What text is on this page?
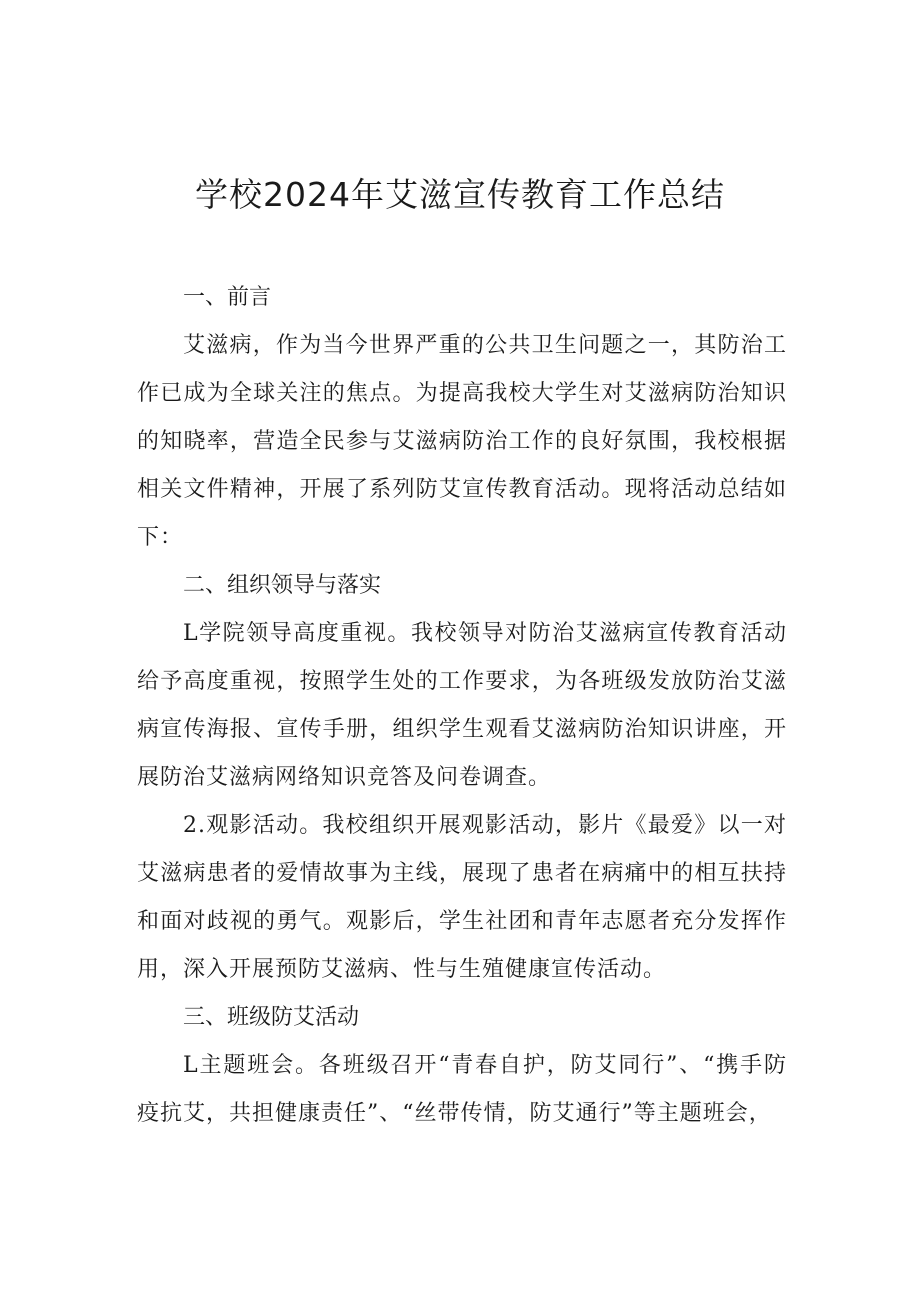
学校2024年艾滋宣传教育工作总结
一、前言

艾滋病，作为当今世界严重的公共卫生问题之一，其防治工作已成为全球关注的焦点。为提高我校大学生对艾滋病防治知识的知晓率，营造全民参与艾滋病防治工作的良好氛围，我校根据相关文件精神，开展了系列防艾宣传教育活动。现将活动总结如下：

二、组织领导与落实

L学院领导高度重视。我校领导对防治艾滋病宣传教育活动给予高度重视，按照学生处的工作要求，为各班级发放防治艾滋病宣传海报、宣传手册，组织学生观看艾滋病防治知识讲座，开展防治艾滋病网络知识竞答及问卷调查。

2.观影活动。我校组织开展观影活动，影片《最爱》以一对艾滋病患者的爱情故事为主线，展现了患者在病痛中的相互扶持和面对歧视的勇气。观影后，学生社团和青年志愿者充分发挥作用，深入开展预防艾滋病、性与生殖健康宣传活动。

三、班级防艾活动

L主题班会。各班级召开“青春自护，防艾同行”、“携手防疫抗艾，共担健康责任”、“丝带传情，防艾通行”等主题班会，
